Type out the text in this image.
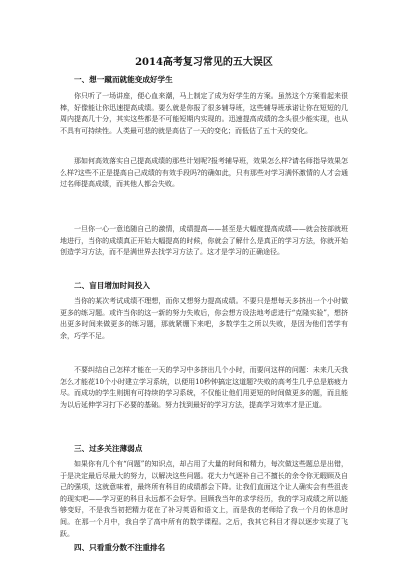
2014高考复习常见的五大误区
一、想一蹴而就能变成好学生

你只听了一场讲座，便心血来潮，马上制定了成为好学生的方案。虽然这个方案看起来很棒，好像能让你迅速提高成绩。要么就是你报了很多辅导班，这些辅导班承诺让你在短短的几周内提高几十分，其实这些都是不可能短期内实现的。迅速提高成绩的念头很少能实现，也从不具有可持续性。人类最可悲的就是高估了一天的变化；而低估了五十天的变化。

那如何高效落实自己提高成绩的那些计划呢?报考辅导班，效果怎么样?请名师指导效果怎么样?这些不正是提高自己成绩的有效手段吗?的确如此，只有那些对学习满怀激情的人才会通过名师提高成绩，而其他人都会失败。

一旦你一心一意追随自己的激情，成绩提高——甚至是大幅度提高成绩——就会按部就班地进行，当你的成绩真正开始大幅提高的时候，你就会了解什么是真正的学习方法，你就开始创造学习方法，而不是满世界去找学习方法了。这才是学习的正确途径。

二、盲目增加时间投入

当你的某次考试成绩不理想，而你又想努力提高成绩。不要只是想每天多挤出一个小时做更多的练习题。或许当你的这一新的努力失败后，你会想方设法地考虑进行“克隆实验”，想挤出更多时间来做更多的练习题，那就紧绷下来吧，多数学生之所以失败，是因为他们苦学有余，巧学不足。

不要纠结自己怎样才能在一天的学习中多挤出几个小时，而要问这样的问题：未来几天我怎么才能花10个小时建立学习系统，以便用10秒钟搞定这道题?失败的高考生几乎总是筋疲力尽。而成功的学生则拥有可持续的学习系统，不仅能让他们用更短的时间做更多的题，而且能为以后延伸学习打下必要的基础。努力找到最好的学习方法，提高学习效率才是正道。

三、过多关注薄弱点

如果你有几个有“问题”的知识点，却占用了大量的时间和精力，每次做这些题总是出错，于是决定最后尽最大的努力，以解决这些问题。花大力气逐补自己不擅长的余令你无暇顾及自己的强项，这就意味着，最终所有科目的成绩都会下降。让我们直面这个让人确实会有些沮丧的现实吧——学习更的科目永远都不会好学。回顾我当年的求学经历，我的学习成绩之所以能够变好，不是我当初把精力花在了补习英语和语文上，而是我的老师给了我一个月的休息时间。在那一个月中，我自学了高中所有的数学课程。之后，我其它科目才得以逐步实现了飞跃。

四、只看重分数不注重排名
